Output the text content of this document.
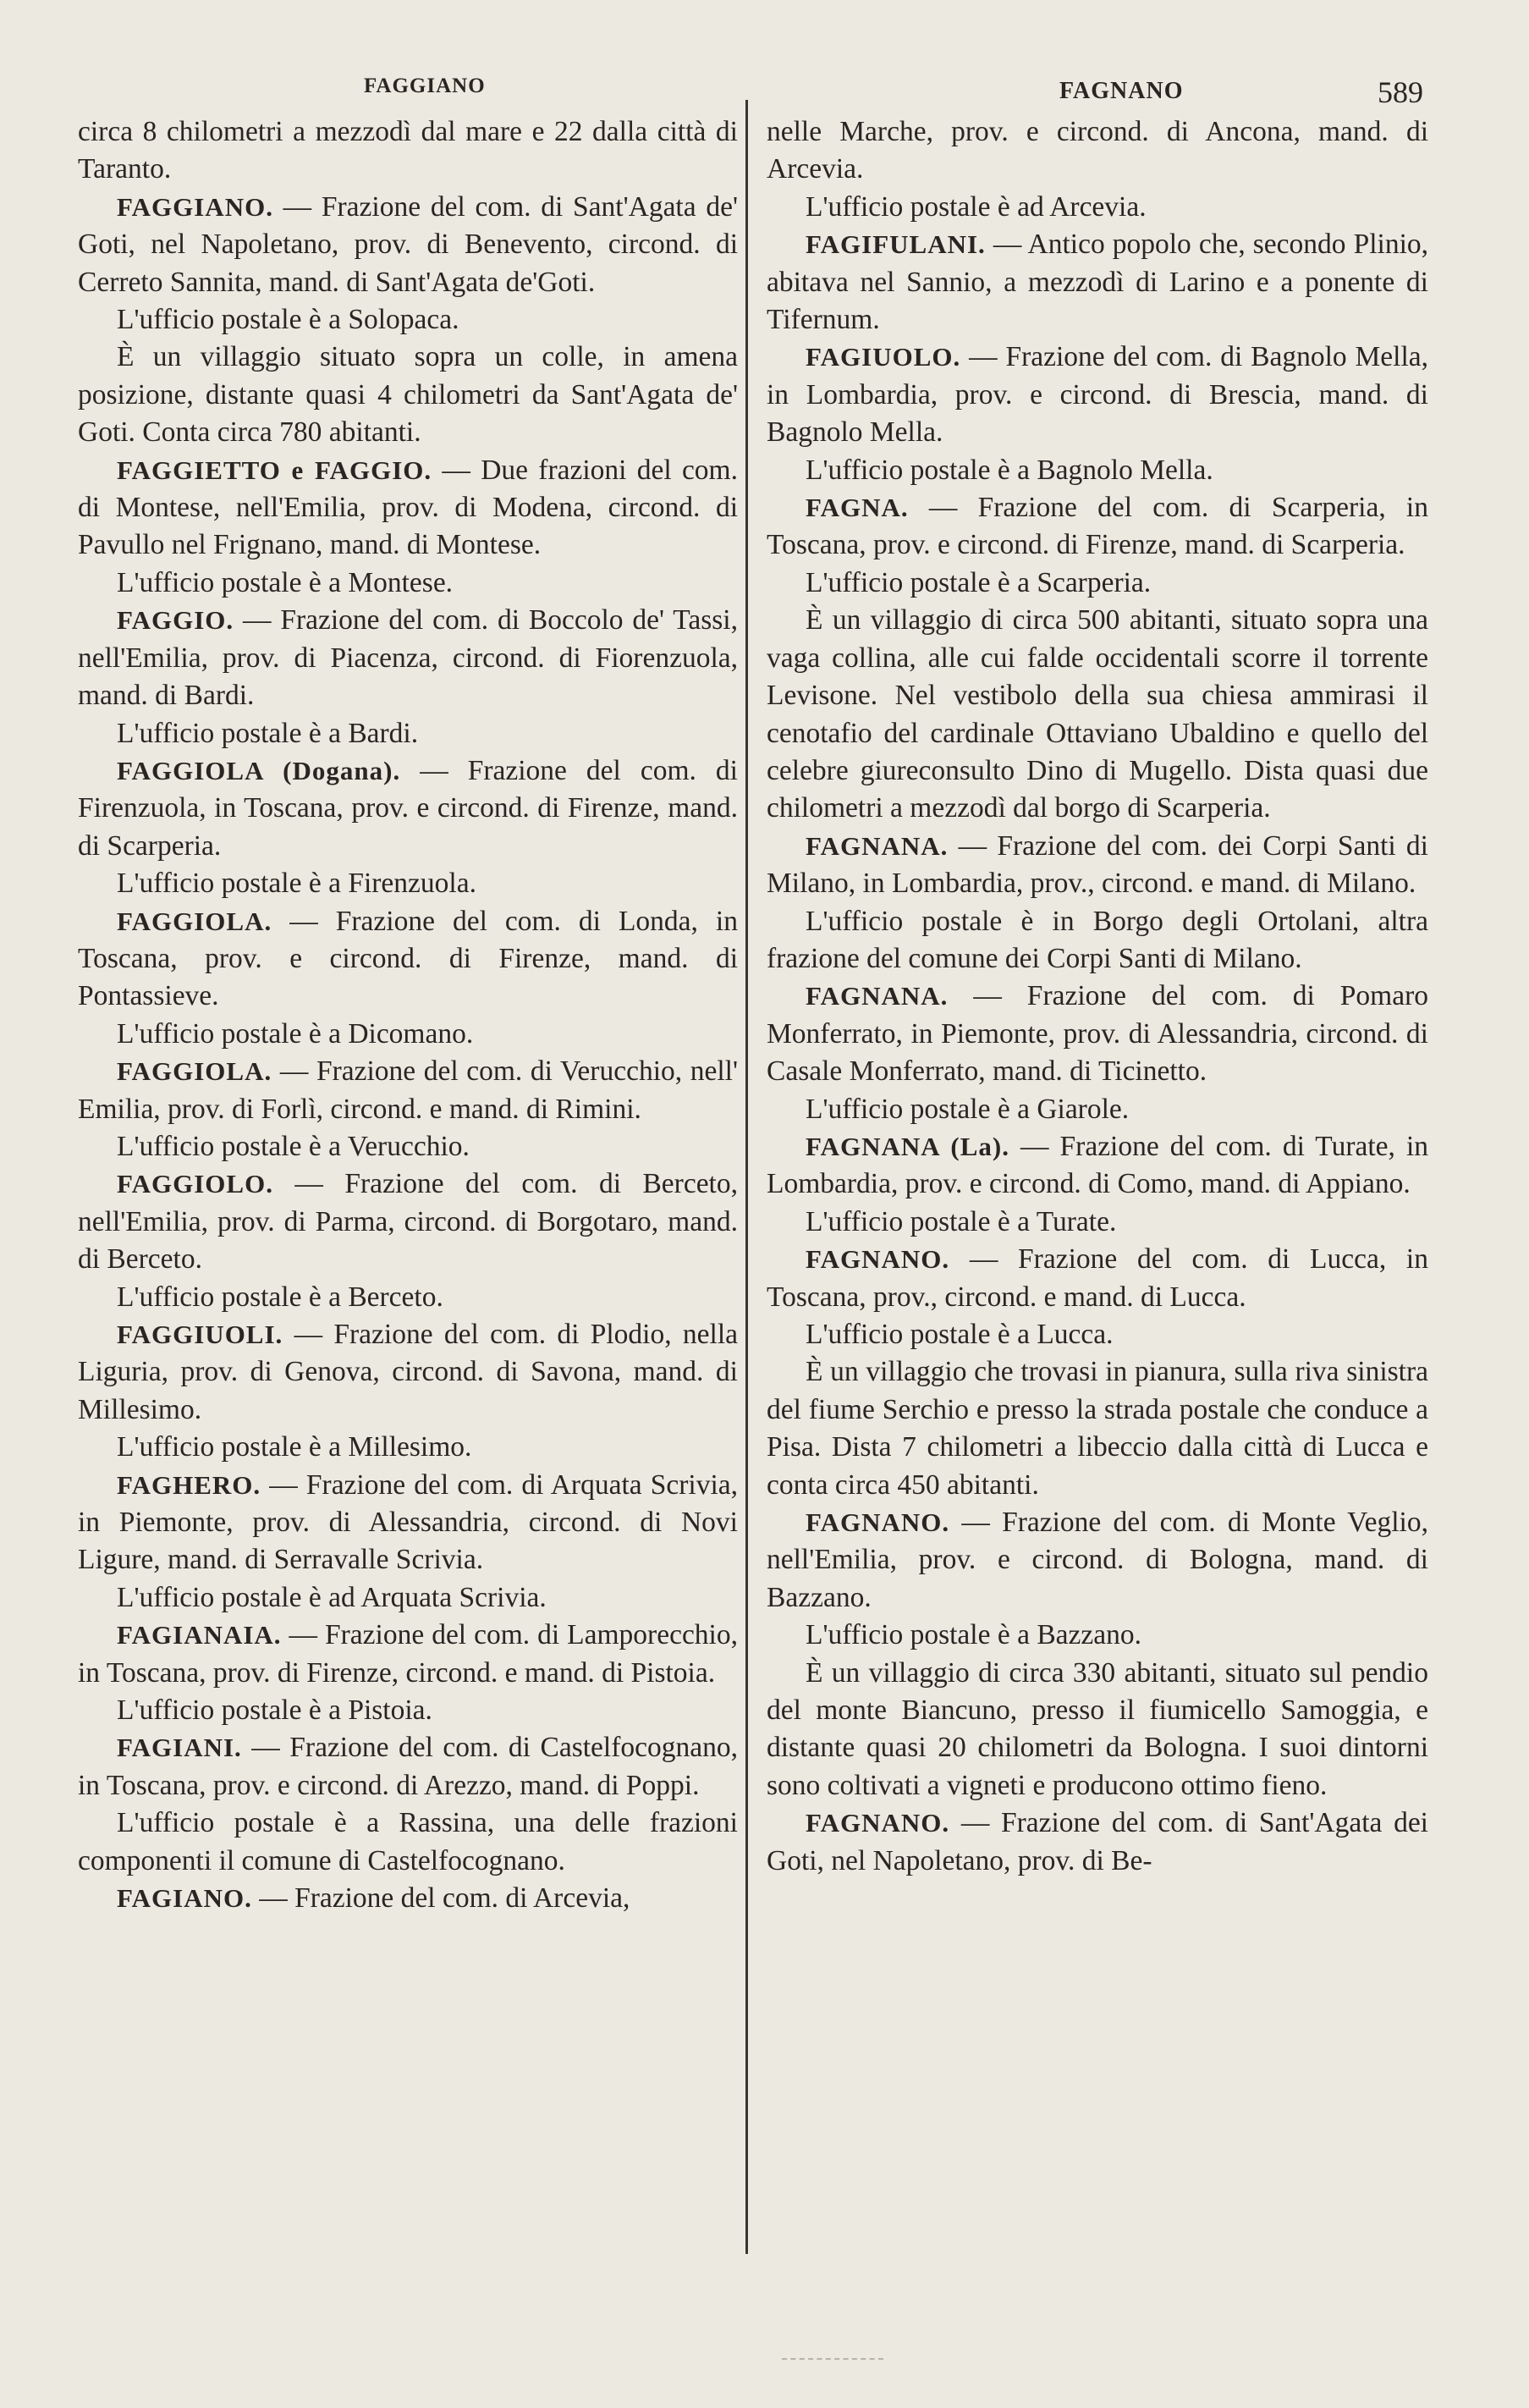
FAGGIANO	FAGNANO	589

circa 8 chilometri a mezzodì dal mare e 22 dalla città di Taranto.

FAGGIANO. — Frazione del com. di Sant'Agata de' Goti, nel Napoletano, prov. di Benevento, circond. di Cerreto Sannita, mand. di Sant'Agata de'Goti.

L'ufficio postale è a Solopaca.

È un villaggio situato sopra un colle, in amena posizione, distante quasi 4 chilometri da Sant'Agata de' Goti. Conta circa 780 abitanti.

FAGGIETTO e FAGGIO. — Due frazioni del com. di Montese, nell'Emilia, prov. di Modena, circond. di Pavullo nel Frignano, mand. di Montese.

L'ufficio postale è a Montese.

FAGGIO. — Frazione del com. di Boccolo de' Tassi, nell'Emilia, prov. di Piacenza, circond. di Fiorenzuola, mand. di Bardi.

L'ufficio postale è a Bardi.

FAGGIOLA (Dogana). — Frazione del com. di Firenzuola, in Toscana, prov. e circond. di Firenze, mand. di Scarperia.

L'ufficio postale è a Firenzuola.

FAGGIOLA. — Frazione del com. di Londa, in Toscana, prov. e circond. di Firenze, mand. di Pontassieve.

L'ufficio postale è a Dicomano.

FAGGIOLA. — Frazione del com. di Verucchio, nell' Emilia, prov. di Forlì, circond. e mand. di Rimini.

L'ufficio postale è a Verucchio.

FAGGIOLO. — Frazione del com. di Berceto, nell'Emilia, prov. di Parma, circond. di Borgotaro, mand. di Berceto.

L'ufficio postale è a Berceto.

FAGGIUOLI. — Frazione del com. di Plodio, nella Liguria, prov. di Genova, circond. di Savona, mand. di Millesimo.

L'ufficio postale è a Millesimo.

FAGHERO. — Frazione del com. di Arquata Scrivia, in Piemonte, prov. di Alessandria, circond. di Novi Ligure, mand. di Serravalle Scrivia.

L'ufficio postale è ad Arquata Scrivia.

FAGIANAIA. — Frazione del com. di Lamporecchio, in Toscana, prov. di Firenze, circond. e mand. di Pistoia.

L'ufficio postale è a Pistoia.

FAGIANI. — Frazione del com. di Castelfocognano, in Toscana, prov. e circond. di Arezzo, mand. di Poppi.

L'ufficio postale è a Rassina, una delle frazioni componenti il comune di Castelfocognano.

FAGIANO. — Frazione del com. di Arcevia,

nelle Marche, prov. e circond. di Ancona, mand. di Arcevia.

L'ufficio postale è ad Arcevia.

FAGIFULANI. — Antico popolo che, secondo Plinio, abitava nel Sannio, a mezzodì di Larino e a ponente di Tifernum.

FAGIUOLO. — Frazione del com. di Bagnolo Mella, in Lombardia, prov. e circond. di Brescia, mand. di Bagnolo Mella.

L'ufficio postale è a Bagnolo Mella.

FAGNA. — Frazione del com. di Scarperia, in Toscana, prov. e circond. di Firenze, mand. di Scarperia.

L'ufficio postale è a Scarperia.

È un villaggio di circa 500 abitanti, situato sopra una vaga collina, alle cui falde occidentali scorre il torrente Levisone. Nel vestibolo della sua chiesa ammirasi il cenotafio del cardinale Ottaviano Ubaldino e quello del celebre giureconsulto Dino di Mugello. Dista quasi due chilometri a mezzodì dal borgo di Scarperia.

FAGNANA. — Frazione del com. dei Corpi Santi di Milano, in Lombardia, prov., circond. e mand. di Milano.

L'ufficio postale è in Borgo degli Ortolani, altra frazione del comune dei Corpi Santi di Milano.

FAGNANA. — Frazione del com. di Pomaro Monferrato, in Piemonte, prov. di Alessandria, circond. di Casale Monferrato, mand. di Ticinetto.

L'ufficio postale è a Giarole.

FAGNANA (La). — Frazione del com. di Turate, in Lombardia, prov. e circond. di Como, mand. di Appiano.

L'ufficio postale è a Turate.

FAGNANO. — Frazione del com. di Lucca, in Toscana, prov., circond. e mand. di Lucca.

L'ufficio postale è a Lucca.

È un villaggio che trovasi in pianura, sulla riva sinistra del fiume Serchio e presso la strada postale che conduce a Pisa. Dista 7 chilometri a libeccio dalla città di Lucca e conta circa 450 abitanti.

FAGNANO. — Frazione del com. di Monte Veglio, nell'Emilia, prov. e circond. di Bologna, mand. di Bazzano.

L'ufficio postale è a Bazzano.

È un villaggio di circa 330 abitanti, situato sul pendio del monte Biancuno, presso il fiumicello Samoggia, e distante quasi 20 chilometri da Bologna. I suoi dintorni sono coltivati a vigneti e producono ottimo fieno.

FAGNANO. — Frazione del com. di Sant'Agata dei Goti, nel Napoletano, prov. di Be-
